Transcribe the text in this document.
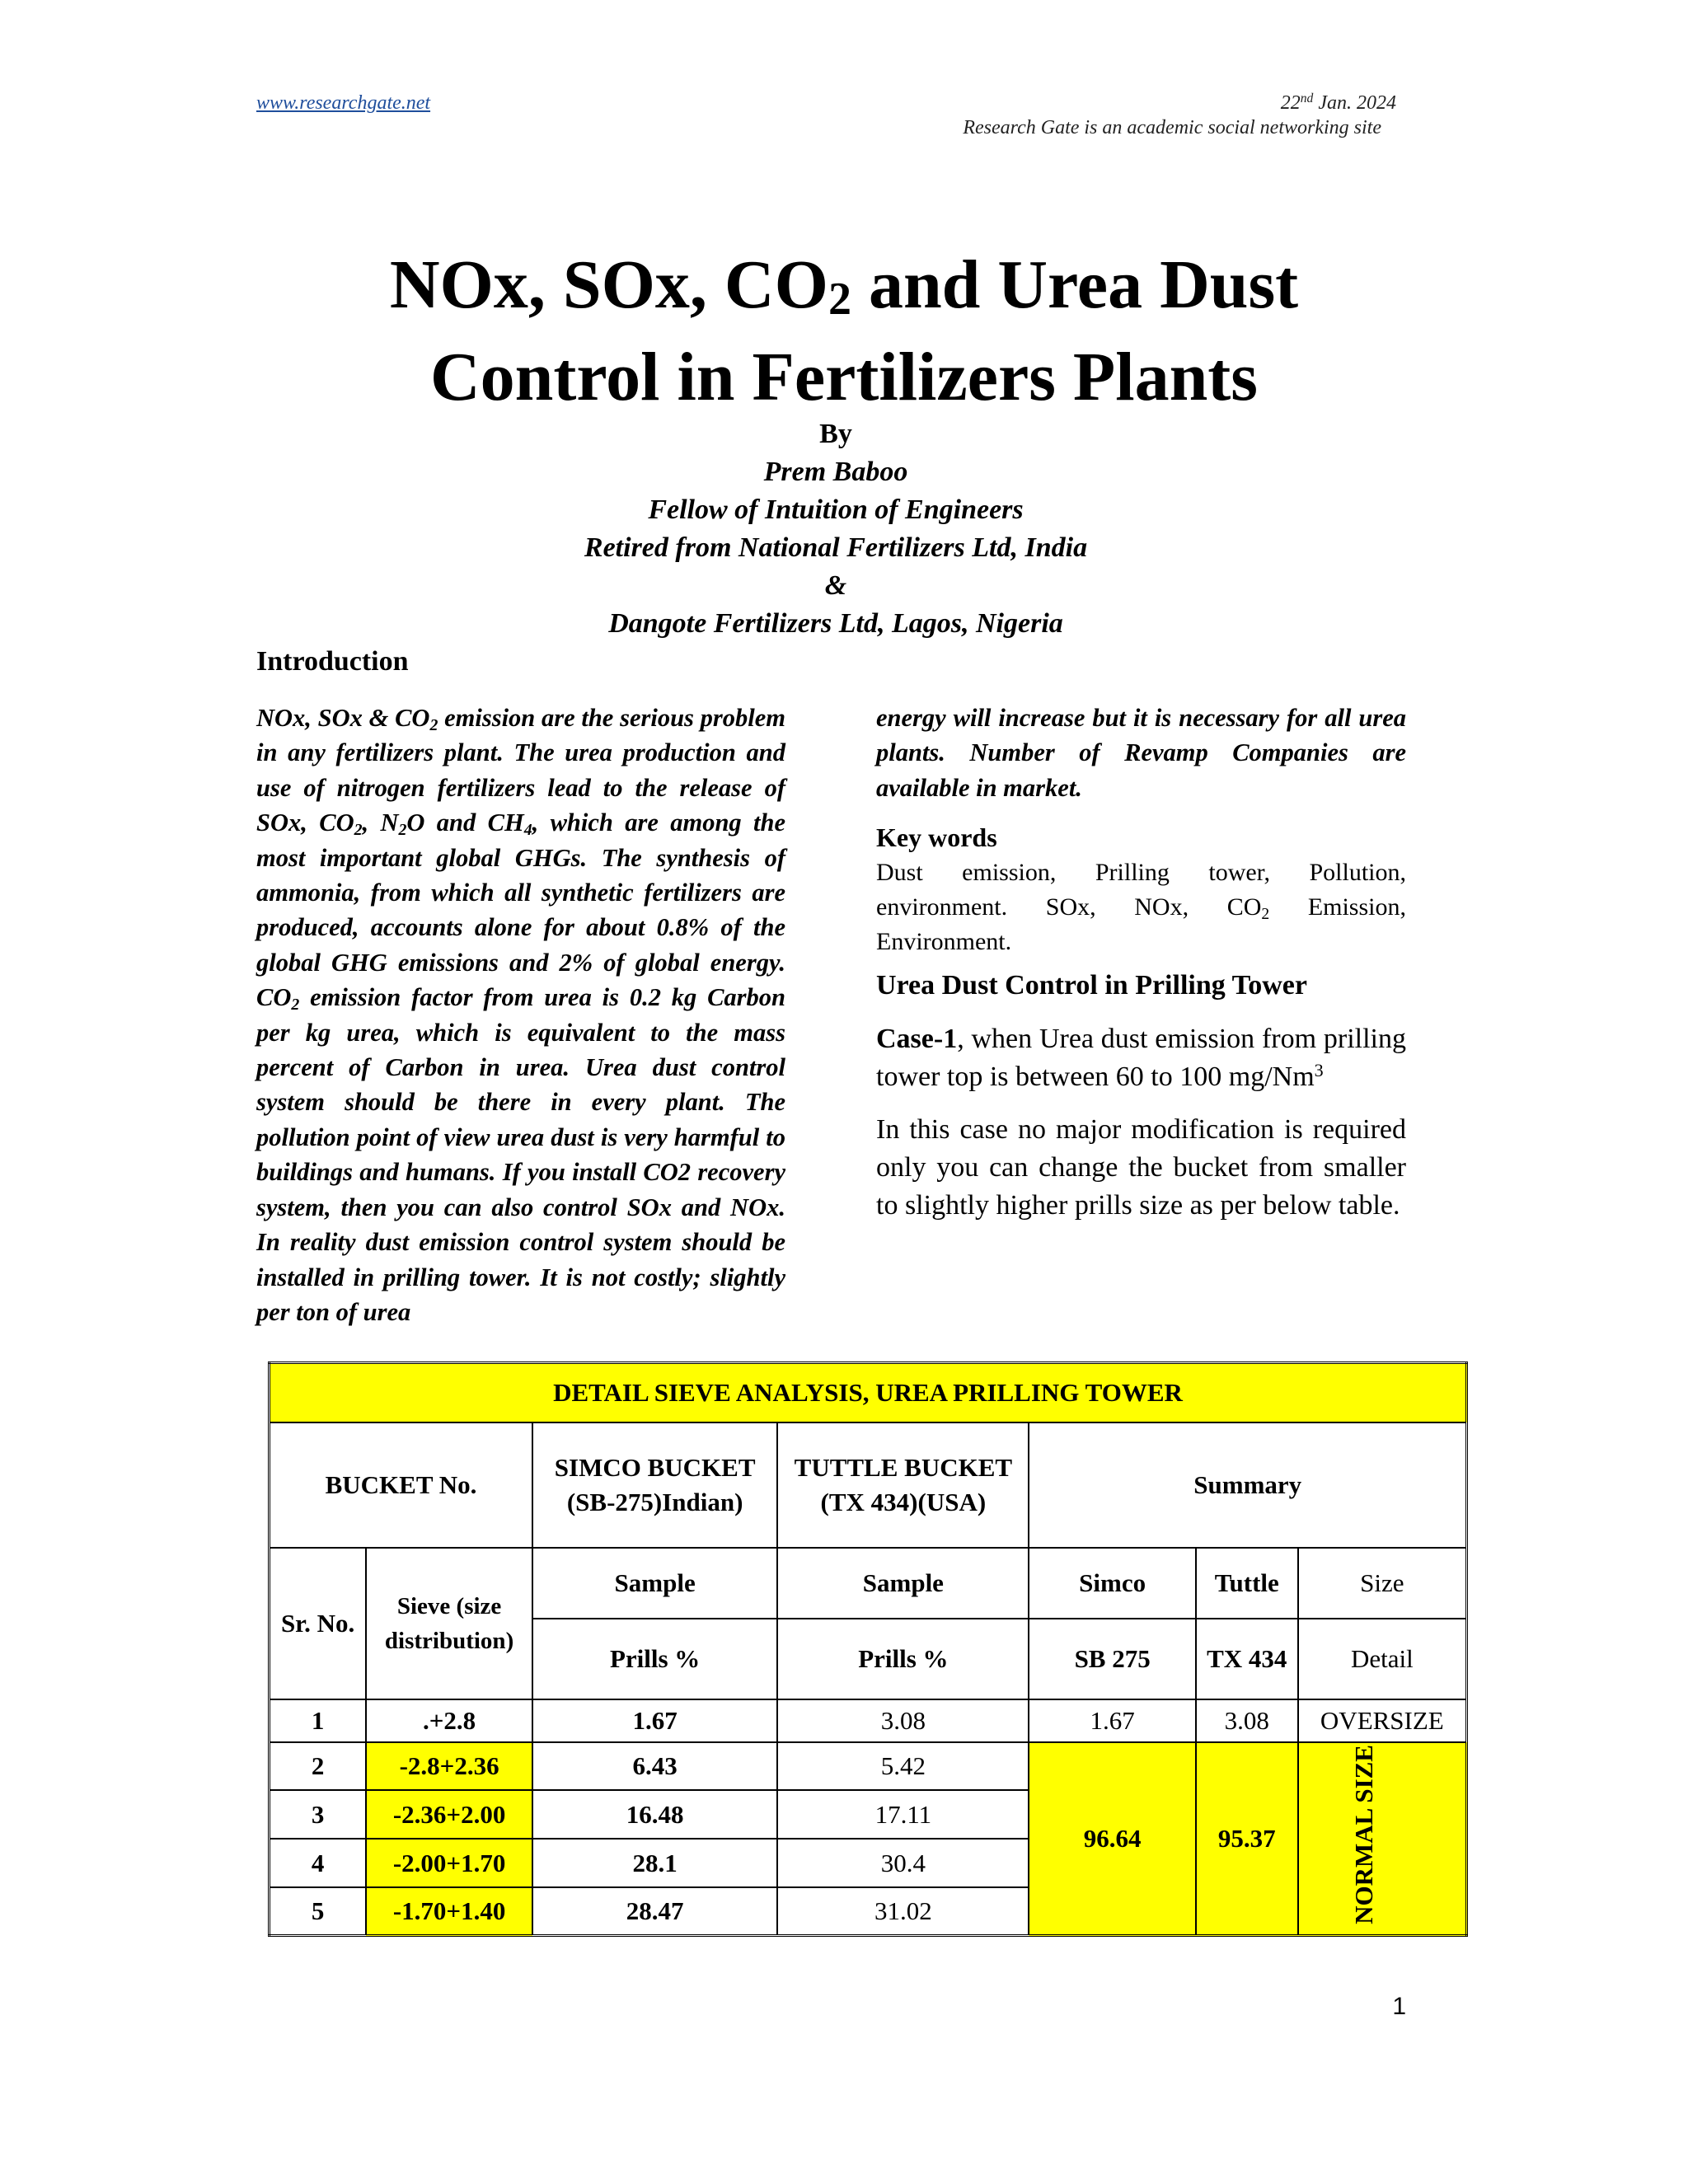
www.researchgate.net	22nd Jan. 2024
Research Gate is an academic social networking site
NOx, SOx, $CO_2$ and Urea Dust
Control in Fertilizers Plants
By
Prem Baboo
Fellow of Intuition of Engineers
Retired from National Fertilizers Ltd, India
&
Dangote Fertilizers Ltd, Lagos, Nigeria
Introduction
NOx, SOx & $CO_2$ emission are the serious problem in any fertilizers plant. The urea production and use of nitrogen fertilizers lead to the release of SOx, $CO_2$, $N_2O$ and $CH_4$, which are among the most important global GHGs. The synthesis of ammonia, from which all synthetic fertilizers are produced, accounts alone for about 0.8% of the global GHG emissions and 2% of global energy. $CO_2$ emission factor from urea is 0.2 kg Carbon per kg urea, which is equivalent to the mass percent of Carbon in urea. Urea dust control system should be there in every plant. The pollution point of view urea dust is very harmful to buildings and humans. If you install CO2 recovery system, then you can also control SOx and NOx. In reality dust emission control system should be installed in prilling tower. It is not costly; slightly per ton of urea
energy will increase but it is necessary for all urea plants. Number of Revamp Companies are available in market.
Key words
Dust emission, Prilling tower, Pollution, environment. SOx, NOx, $CO_2$ Emission, Environment.
Urea Dust Control in Prilling Tower
Case-1, when Urea dust emission from prilling tower top is between 60 to 100 mg/Nm$^3$
In this case no major modification is required only you can change the bucket from smaller to slightly higher prills size as per below table.
DETAIL SIEVE ANALYSIS, UREA PRILLING TOWER						
BUCKET No.		SIMCO BUCKET (SB-275)Indian)	TUTTLE BUCKET (TX 434)(USA)	Summary		
Sr. No.	Sieve (size distribution)	Sample	Sample	Simco	Tuttle	Size
		Prills %	Prills %	SB 275	TX 434	Detail
1	.+2.8	1.67	3.08	1.67	3.08	OVERSIZE
2	-2.8+2.36	6.43	5.42	96.64	95.37	NORMAL SIZE
3	-2.36+2.00	16.48	17.11			
4	-2.00+1.70	28.1	30.4			
5	-1.70+1.40	28.47	31.02			
1
